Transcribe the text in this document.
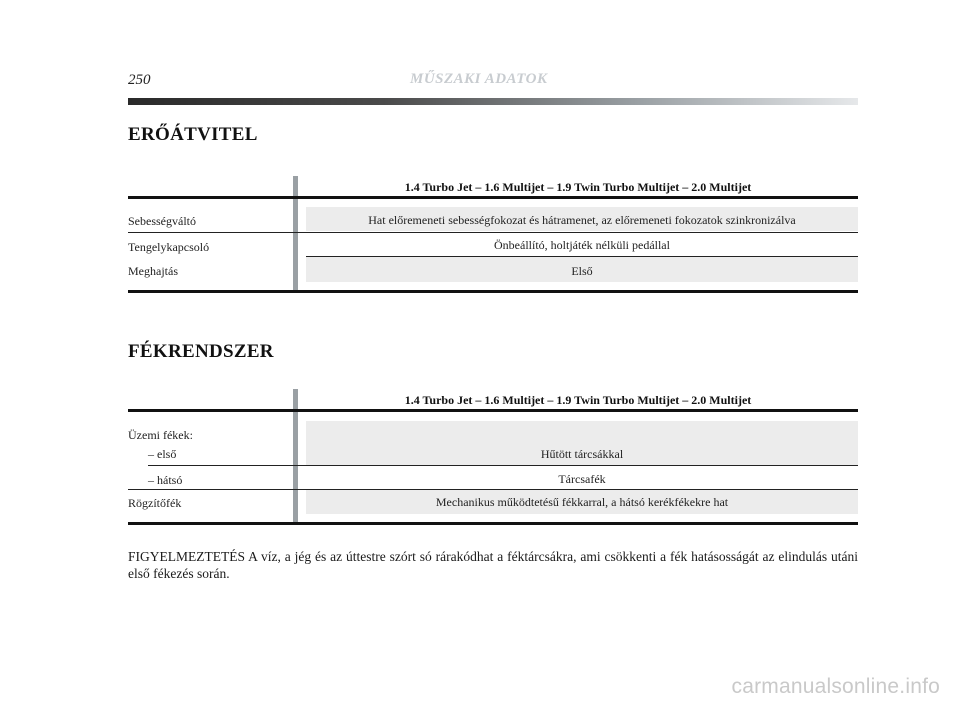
250	MŰSZAKI ADATOK
ERŐÁTVITEL
1.4 Turbo Jet – 1.6 Multijet – 1.9 Twin Turbo Multijet – 2.0 Multijet
Sebességváltó	Hat előremeneti sebességfokozat és hátramenet, az előremeneti fokozatok szinkronizálva
Tengelykapcsoló	Önbeállító, holtjáték nélküli pedállal
Meghajtás	Első
FÉKRENDSZER
1.4 Turbo Jet – 1.6 Multijet – 1.9 Twin Turbo Multijet – 2.0 Multijet
Üzemi fékek:
– első	Hűtött tárcsákkal
– hátsó	Tárcsafék
Rögzítőfék	Mechanikus működtetésű fékkarral, a hátsó kerékfékekre hat
FIGYELMEZTETÉS A víz, a jég és az úttestre szórt só rárakódhat a féktárcsákra, ami csökkenti a fék hatásosságát az elindulás utáni első fékezés során.
carmanualsonline.info
